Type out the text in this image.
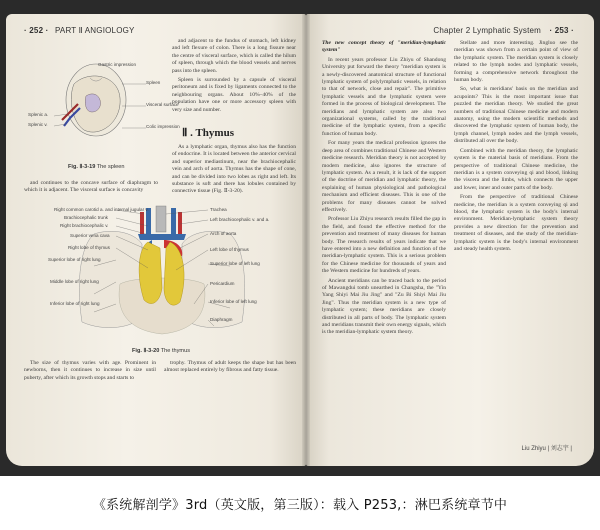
· 252 · PART Ⅱ ANGIOLOGY
Spleen
Visceral surface
Splenic a.
Splenic v.	Colic impression
Gastric impression
Fig. Ⅱ-3-19 The spleen

and continues to the concave surface of diaphragm to which it is adjacent. The visceral surface is concavity

and adjacent to the fundus of stomach, left kidney and left flexure of colon. There is a long fissure near the centre of visceral surface, which is called the hilum of spleen, through which the blood vessels and nerves pass into the spleen.

Spleen is surrounded by a capsule of visceral peritoneum and is fixed by ligaments connected to the neighbouring organs. About 10%–40% of the population have one or more accessory spleen with very size and number.

Ⅱ . Thymus

As a lymphatic organ, thymus also has the function of endocrine. It is located between the anterior cervical and superior mediastinum, near the brachiocephalic vein and arch of aorta. Thymus has the shape of cone, and can be divided into two lobes as right and left. Its substance is soft and there has lobules contained by connective tissue (Fig. Ⅱ-3-20).

Right common carotid a. and internal jugular v.
Brachiocephalic trunk
Right brachiocephalic v.
Superior vena cava
Right lobe of thymus
Superior lobe of right lung
Middle lobe of right lung
Inferior lobe of right lung
Trachea
Left brachiocephalic v. and a.
Arch of aorta
Left lobe of thymus
Superior lobe of left lung
Pericardium
Inferior lobe of left lung
Diaphragm
Fig. Ⅱ-3-20 The thymus

The size of thymus varies with age. Prominent in newborns, then it continues to increase in size until puberty, after which its growth stops and starts to

trophy. Thymus of adult keeps the shape but has been almost replaced entirely by fibrous and fatty tissue.

Chapter 2 Lymphatic System · 253 ·

The new concept theory of "meridian-lymphatic system"

In recent years professor Liu Zhiyu of Shandong University put forward the theory "meridian system is a newly-discovered anatomical structure of functional lymphatic system of polylymphatic vessels, in relation to that of network, close and repair". The primitive lymphatic vessels and the lymphatic system were formed in the process of biological development. The meridians and lymphatic system are also two organizational systems, called by the traditional medicine of the lymphatic system, from a specific function of human body.

For many years the medical profession ignores the deep area of combines traditional Chinese and Western medicine research. Meridian theory is not accepted by modern medicine, also ignores the structure of lymphatic system. As a result, it is lack of the support of the doctrine of meridian and lymphatic theory, the explaining of human physiological and pathological mechanism and efficient diseases. This is one of the problems for many diseases cannot be solved effectively.

Professor Liu Zhiyu research results filled the gap in the field, and found the effective method for the prevention and treatment of many diseases for human body. The research results of years indicate that we have entered into a new definition and function of the meridian-lymphatic system. This is a serious problem for the Chinese medicine for thousands of years and the Western medicine for hundreds of years.

Ancient meridians can be traced back to the period of Mawangdui tomb unearthed in Changsha, the "Yin Yang Shiyi Mai Jiu Jing" and "Zu Bi Shiyi Mai Jiu Jing". Thus the meridian system is a new type of lymphatic system; these meridians are closely distributed in all parts of body. The lymphatic system and meridians transmit their own energy signals, which is the meridian-lymphatic system theory.

Stellate and more interesting. Jingluo see the meridian was shown from a certain point of view of the lymphatic system. The meridian system is closely related to the lymph nodes and lymphatic vessels, forming a comprehensive network throughout the human body.

So, what is meridians' basis on the meridian and acupoints? This is the most important issue that puzzled the meridian theory. We studied the great numbers of traditional Chinese medicine and modern anatomy, using the modern scientific methods and discovered the lymphatic system of human body, the lymph channel, lymph nodes and the lymph vessels, distributed all over the body.

Combined with the meridian theory, the lymphatic system is the material basis of meridians. From the perspective of traditional Chinese medicine, the meridian is a system conveying qi and blood, linking the viscera and the limbs, which connects the upper and lower, inner and outer parts of the body.

From the perspective of traditional Chinese medicine, the meridian is a system conveying qi and blood, the lymphatic system is the body's internal environment. Meridian-lymphatic system theory provides a new direction for the prevention and treatment of diseases, and the study of the meridian-lymphatic system is the body's internal environment and steady health system.

Liu Zhiyu | 刘志宇 |
《系统解剖学》3rd（英文版，第三版）：载入 P253,：淋巴系统章节中
